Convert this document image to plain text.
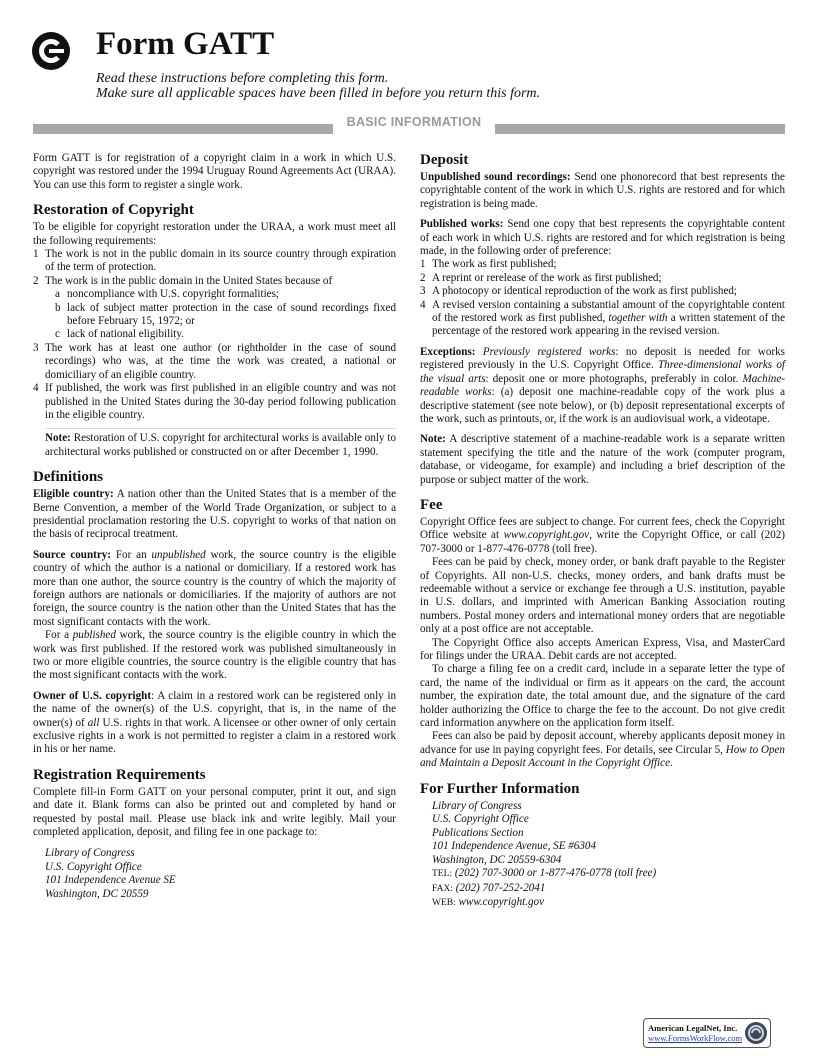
Form GATT
Read these instructions before completing this form.
Make sure all applicable spaces have been filled in before you return this form.
BASIC INFORMATION

Form GATT is for registration of a copyright claim in a work in which U.S. copyright was restored under the 1994 Uruguay Round Agreements Act (URAA). You can use this form to register a single work.

Restoration of Copyright
To be eligible for copyright restoration under the URAA, a work must meet all the following requirements:
1 The work is not in the public domain in its source country through expiration of the term of protection.
2 The work is in the public domain in the United States because of
a noncompliance with U.S. copyright formalities;
b lack of subject matter protection in the case of sound recordings fixed before February 15, 1972; or
c lack of national eligibility.
3 The work has at least one author (or rightholder in the case of sound recordings) who was, at the time the work was created, a national or domiciliary of an eligible country.
4 If published, the work was first published in an eligible country and was not published in the United States during the 30-day period following publication in the eligible country.

Note: Restoration of U.S. copyright for architectural works is available only to architectural works published or constructed on or after December 1, 1990.

Definitions

Eligible country: A nation other than the United States that is a member of the Berne Convention, a member of the World Trade Organization, or subject to a presidential proclamation restoring the U.S. copyright to works of that nation on the basis of reciprocal treatment.

Source country: For an unpublished work, the source country is the eligible country of which the author is a national or domiciliary. If a restored work has more than one author, the source country is the country of which the majority of foreign authors are nationals or domiciliaries. If the majority of authors are not foreign, the source country is the nation other than the United States that has the most significant contacts with the work.

For a published work, the source country is the eligible country in which the work was first published. If the restored work was published simultaneously in two or more eligible countries, the source country is the eligible country that has the most significant contacts with the work.

Owner of U.S. copyright: A claim in a restored work can be registered only in the name of the owner(s) of the U.S. copyright, that is, in the name of the owner(s) of all U.S. rights in that work. A licensee or other owner of only certain exclusive rights in a work is not permitted to register a claim in a restored work in his or her name.

Registration Requirements
Complete fill-in Form GATT on your personal computer, print it out, and sign and date it. Blank forms can also be printed out and completed by hand or requested by postal mail. Please use black ink and write legibly. Mail your completed application, deposit, and filing fee in one package to:
Library of Congress
U.S. Copyright Office
101 Independence Avenue SE
Washington, DC 20559
Deposit

Unpublished sound recordings: Send one phonorecord that best represents the copyrightable content of the work in which U.S. rights are restored and for which registration is being made.

Published works: Send one copy that best represents the copyrightable content of each work in which U.S. rights are restored and for which registration is being made, in the following order of preference:
1 The work as first published;
2 A reprint or rerelease of the work as first published;
3 A photocopy or identical reproduction of the work as first published;
4 A revised version containing a substantial amount of the copyrightable content of the restored work as first published, together with a written statement of the percentage of the restored work appearing in the revised version.

Exceptions: Previously registered works: no deposit is needed for works registered previously in the U.S. Copyright Office. Three-dimensional works of the visual arts: deposit one or more photographs, preferably in color. Machine-readable works: (a) deposit one machine-readable copy of the work plus a descriptive statement (see note below), or (b) deposit representational excerpts of the work, such as printouts, or, if the work is an audiovisual work, a videotape.

Note: A descriptive statement of a machine-readable work is a separate written statement specifying the title and the nature of the work (computer program, database, or videogame, for example) and including a brief description of the purpose or subject matter of the work.

Fee

Copyright Office fees are subject to change. For current fees, check the Copyright Office website at www.copyright.gov, write the Copyright Office, or call (202) 707-3000 or 1-877-476-0778 (toll free).

Fees can be paid by check, money order, or bank draft payable to the Register of Copyrights. All non-U.S. checks, money orders, and bank drafts must be redeemable without a service or exchange fee through a U.S. institution, payable in U.S. dollars, and imprinted with American Banking Association routing numbers. Postal money orders and international money orders that are negotiable only at a post office are not acceptable.

The Copyright Office also accepts American Express, Visa, and MasterCard for filings under the URAA. Debit cards are not accepted.

To charge a filing fee on a credit card, include in a separate letter the type of card, the name of the individual or firm as it appears on the card, the account number, the expiration date, the total amount due, and the signature of the card holder authorizing the Office to charge the fee to the account. Do not give credit card information anywhere on the application form itself.

Fees can also be paid by deposit account, whereby applicants deposit money in advance for use in paying copyright fees. For details, see Circular 5, How to Open and Maintain a Deposit Account in the Copyright Office.

For Further Information
Library of Congress
U.S. Copyright Office
Publications Section
101 Independence Avenue, SE #6304
Washington, DC 20559-6304
TEL: (202) 707-3000 or 1-877-476-0778 (toll free)
FAX: (202) 707-252-2041
WEB: www.copyright.gov
American LegalNet, Inc.
www.FormsWorkFlow.com
